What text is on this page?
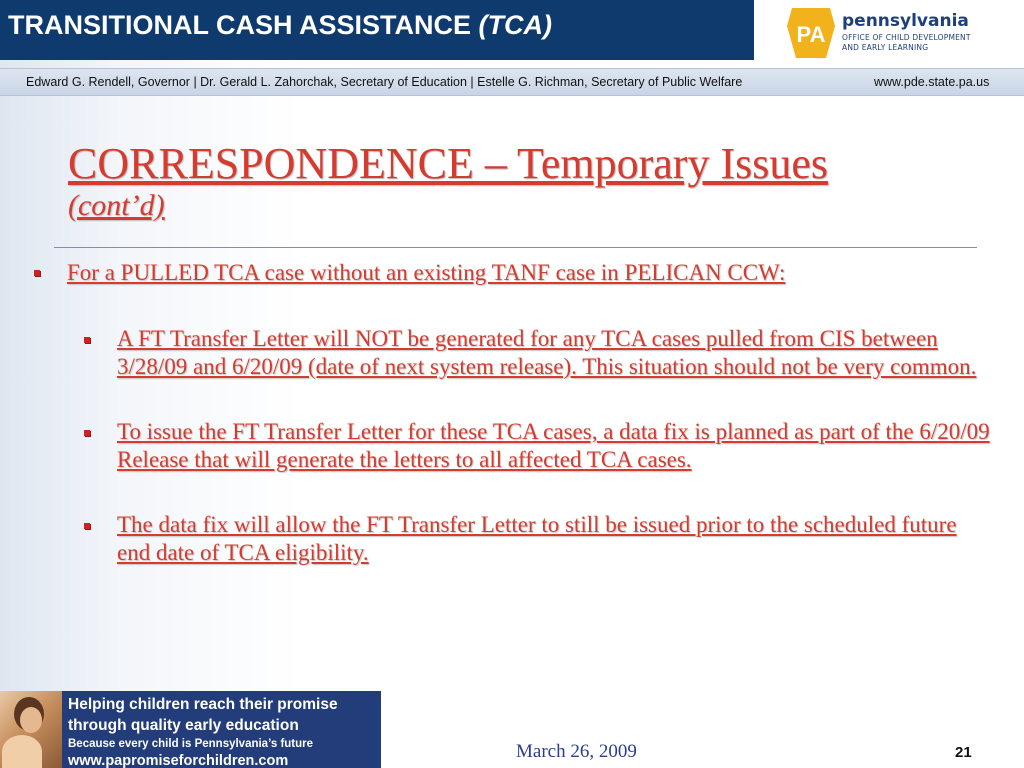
TRANSITIONAL CASH ASSISTANCE (TCA)	PA
pennsylvania
OFFICE OF CHILD DEVELOPMENT
AND EARLY LEARNING
Edward G. Rendell, Governor | Dr. Gerald L. Zahorchak, Secretary of Education | Estelle G. Richman, Secretary of Public Welfare	www.pde.state.pa.us
CORRESPONDENCE – Temporary Issues
(cont’d)
For a PULLED TCA case without an existing TANF case in PELICAN CCW:
A FT Transfer Letter will NOT be generated for any TCA cases pulled from CIS between 3/28/09 and 6/20/09 (date of next system release). This situation should not be very common.
To issue the FT Transfer Letter for these TCA cases, a data fix is planned as part of the 6/20/09 Release that will generate the letters to all affected TCA cases.
The data fix will allow the FT Transfer Letter to still be issued prior to the scheduled future end date of TCA eligibility.
Helping children reach their promise
through quality early education
Because every child is Pennsylvania’s future
www.papromiseforchildren.com	March 26, 2009	21
